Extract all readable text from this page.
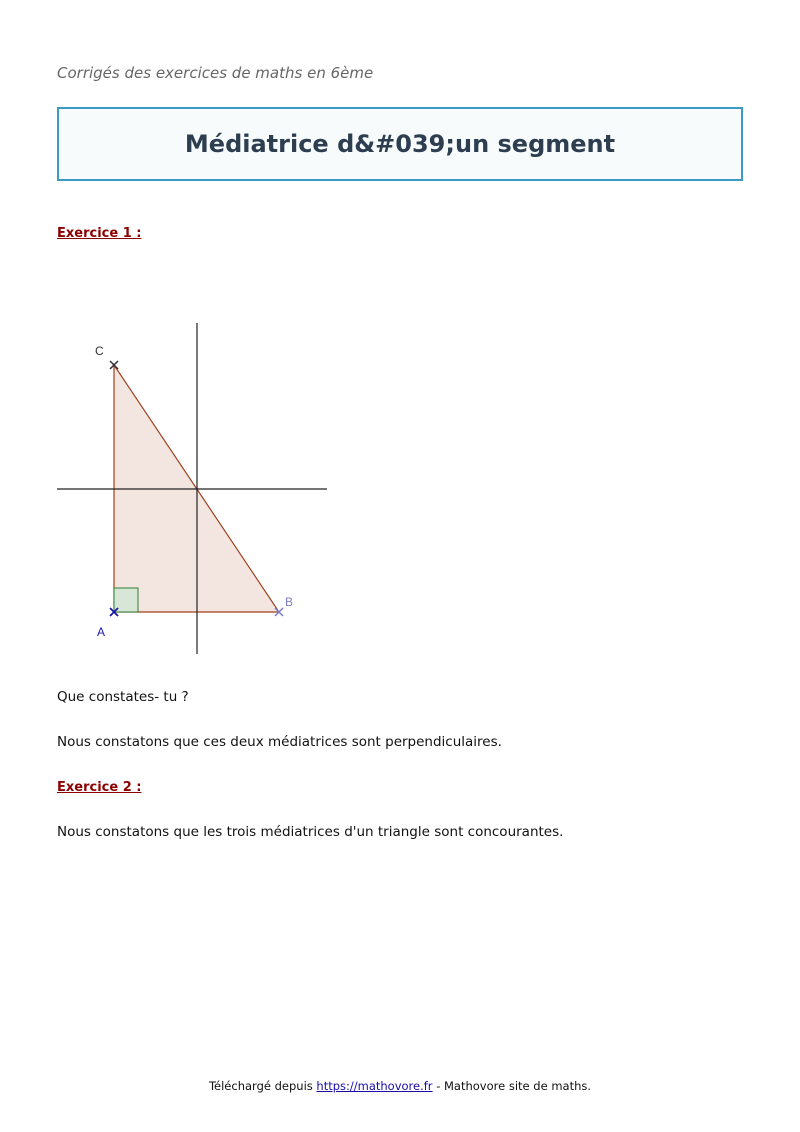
Corrigés des exercices de maths en 6ème
Médiatrice d&#039;un segment
Exercice 1 :
C
A
B
Que constates- tu ?
Nous constatons que ces deux médiatrices sont perpendiculaires.
Exercice 2 :
Nous constatons que les trois médiatrices d'un triangle sont concourantes.
Téléchargé depuis https://mathovore.fr - Mathovore site de maths.
